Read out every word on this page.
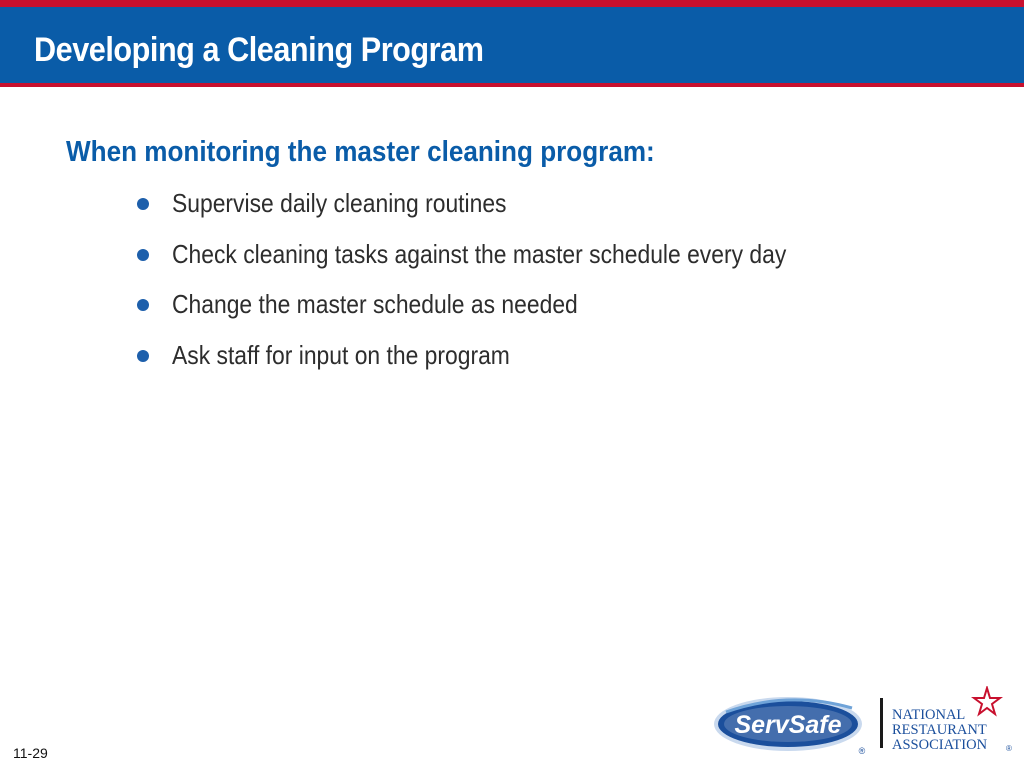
Developing a Cleaning Program
When monitoring the master cleaning program:
Supervise daily cleaning routines
Check cleaning tasks against the master schedule every day
Change the master schedule as needed
Ask staff for input on the program
11-29
ServSafe
®
NATIONAL
RESTAURANT
ASSOCIATION ®
